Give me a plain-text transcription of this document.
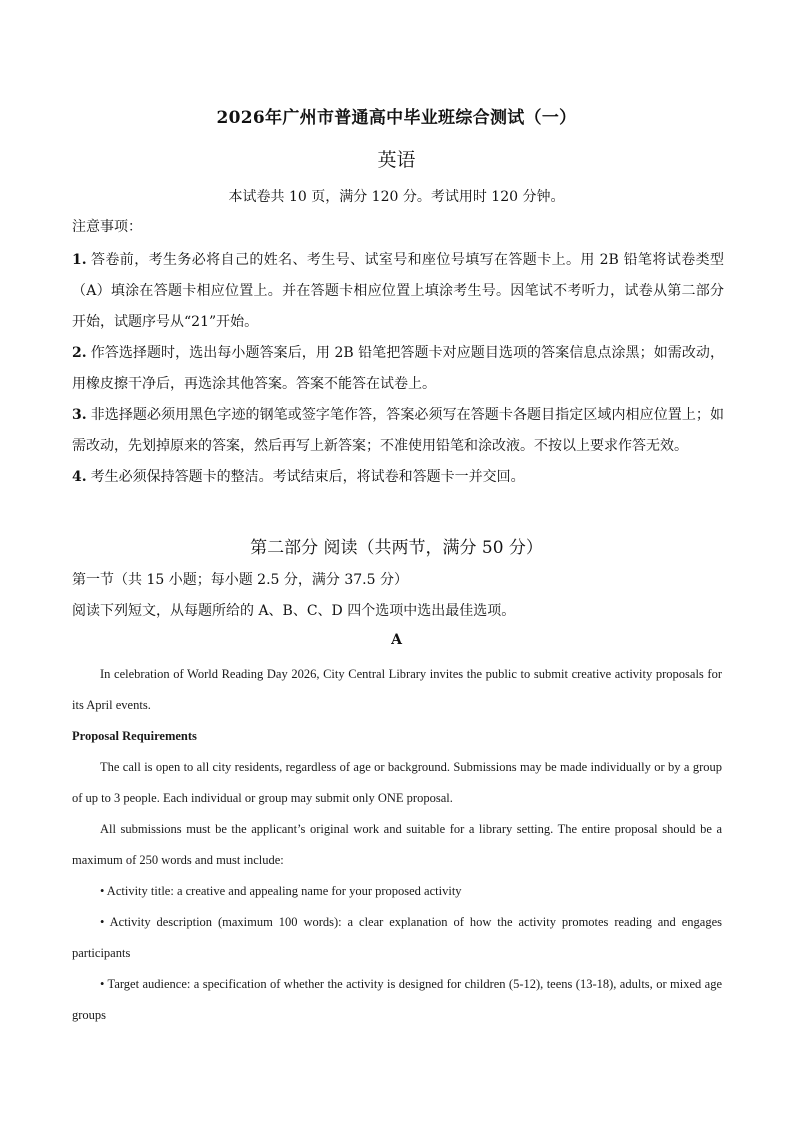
2026年广州市普通高中毕业班综合测试（一）
英语
本试卷共 10 页，满分 120 分。考试用时 120 分钟。
注意事项：

1. 答卷前，考生务必将自己的姓名、考生号、试室号和座位号填写在答题卡上。用 2B 铅笔将试卷类型（A）填涂在答题卡相应位置上。并在答题卡相应位置上填涂考生号。因笔试不考听力，试卷从第二部分开始，试题序号从“21”开始。

2. 作答选择题时，选出每小题答案后，用 2B 铅笔把答题卡对应题目选项的答案信息点涂黑；如需改动，用橡皮擦干净后，再选涂其他答案。答案不能答在试卷上。

3. 非选择题必须用黑色字迹的钢笔或签字笔作答，答案必须写在答题卡各题目指定区域内相应位置上；如需改动，先划掉原来的答案，然后再写上新答案；不准使用铅笔和涂改液。不按以上要求作答无效。

4. 考生必须保持答题卡的整洁。考试结束后，将试卷和答题卡一并交回。

第二部分 阅读（共两节，满分 50 分）
第一节（共 15 小题；每小题 2.5 分，满分 37.5 分）
阅读下列短文，从每题所给的 A、B、C、D 四个选项中选出最佳选项。
A

In celebration of World Reading Day 2026, City Central Library invites the public to submit creative activity proposals for its April events.

Proposal Requirements

The call is open to all city residents, regardless of age or background. Submissions may be made individually or by a group of up to 3 people. Each individual or group may submit only ONE proposal.

All submissions must be the applicant’s original work and suitable for a library setting. The entire proposal should be a maximum of 250 words and must include:

• Activity title: a creative and appealing name for your proposed activity

• Activity description (maximum 100 words): a clear explanation of how the activity promotes reading and engages participants

• Target audience: a specification of whether the activity is designed for children (5-12), teens (13-18), adults, or mixed age groups
